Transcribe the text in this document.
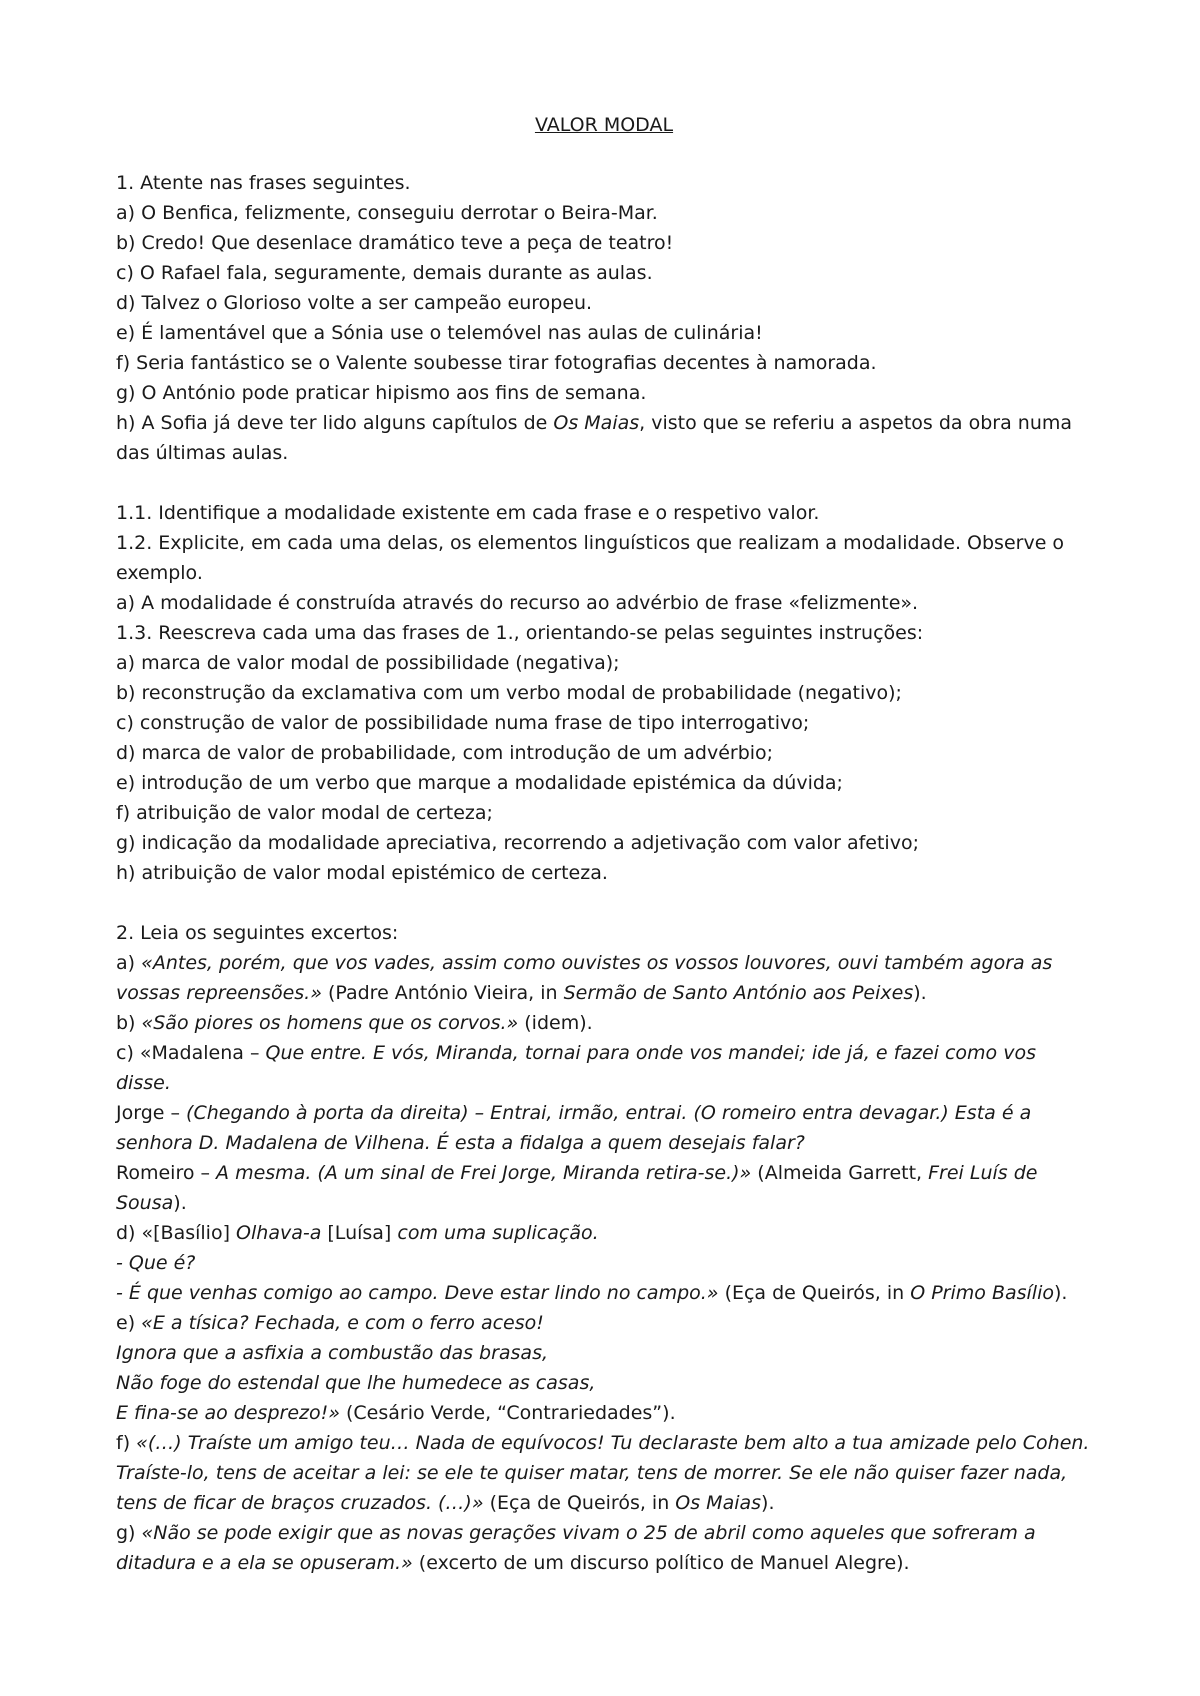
VALOR MODAL

1. Atente nas frases seguintes.

a) O Benfica, felizmente, conseguiu derrotar o Beira-Mar.

b) Credo! Que desenlace dramático teve a peça de teatro!

c) O Rafael fala, seguramente, demais durante as aulas.

d) Talvez o Glorioso volte a ser campeão europeu.

e) É lamentável que a Sónia use o telemóvel nas aulas de culinária!

f) Seria fantástico se o Valente soubesse tirar fotografias decentes à namorada.

g) O António pode praticar hipismo aos fins de semana.

h) A Sofia já deve ter lido alguns capítulos de Os Maias, visto que se referiu a aspetos da obra numa das últimas aulas.

1.1. Identifique a modalidade existente em cada frase e o respetivo valor.

1.2. Explicite, em cada uma delas, os elementos linguísticos que realizam a modalidade. Observe o exemplo.

a) A modalidade é construída através do recurso ao advérbio de frase «felizmente».

1.3. Reescreva cada uma das frases de 1., orientando-se pelas seguintes instruções:

a) marca de valor modal de possibilidade (negativa);

b) reconstrução da exclamativa com um verbo modal de probabilidade (negativo);

c) construção de valor de possibilidade numa frase de tipo interrogativo;

d) marca de valor de probabilidade, com introdução de um advérbio;

e) introdução de um verbo que marque a modalidade epistémica da dúvida;

f) atribuição de valor modal de certeza;

g) indicação da modalidade apreciativa, recorrendo a adjetivação com valor afetivo;

h) atribuição de valor modal epistémico de certeza.

2. Leia os seguintes excertos:

a) «Antes, porém, que vos vades, assim como ouvistes os vossos louvores, ouvi também agora as vossas repreensões.» (Padre António Vieira, in Sermão de Santo António aos Peixes).

b) «São piores os homens que os corvos.» (idem).

c) «Madalena – Que entre. E vós, Miranda, tornai para onde vos mandei; ide já, e fazei como vos disse.

Jorge – (Chegando à porta da direita) – Entrai, irmão, entrai. (O romeiro entra devagar.) Esta é a senhora D. Madalena de Vilhena. É esta a fidalga a quem desejais falar?

Romeiro – A mesma. (A um sinal de Frei Jorge, Miranda retira-se.)» (Almeida Garrett, Frei Luís de Sousa).

d) «[Basílio] Olhava-a [Luísa] com uma suplicação.

- Que é?

- É que venhas comigo ao campo. Deve estar lindo no campo.» (Eça de Queirós, in O Primo Basílio).

e) «E a tísica? Fechada, e com o ferro aceso!

Ignora que a asfixia a combustão das brasas,

Não foge do estendal que lhe humedece as casas,

E fina-se ao desprezo!» (Cesário Verde, “Contrariedades”).

f) «(…) Traíste um amigo teu… Nada de equívocos! Tu declaraste bem alto a tua amizade pelo Cohen. Traíste-lo, tens de aceitar a lei: se ele te quiser matar, tens de morrer. Se ele não quiser fazer nada, tens de ficar de braços cruzados. (…)» (Eça de Queirós, in Os Maias).

g) «Não se pode exigir que as novas gerações vivam o 25 de abril como aqueles que sofreram a ditadura e a ela se opuseram.» (excerto de um discurso político de Manuel Alegre).
